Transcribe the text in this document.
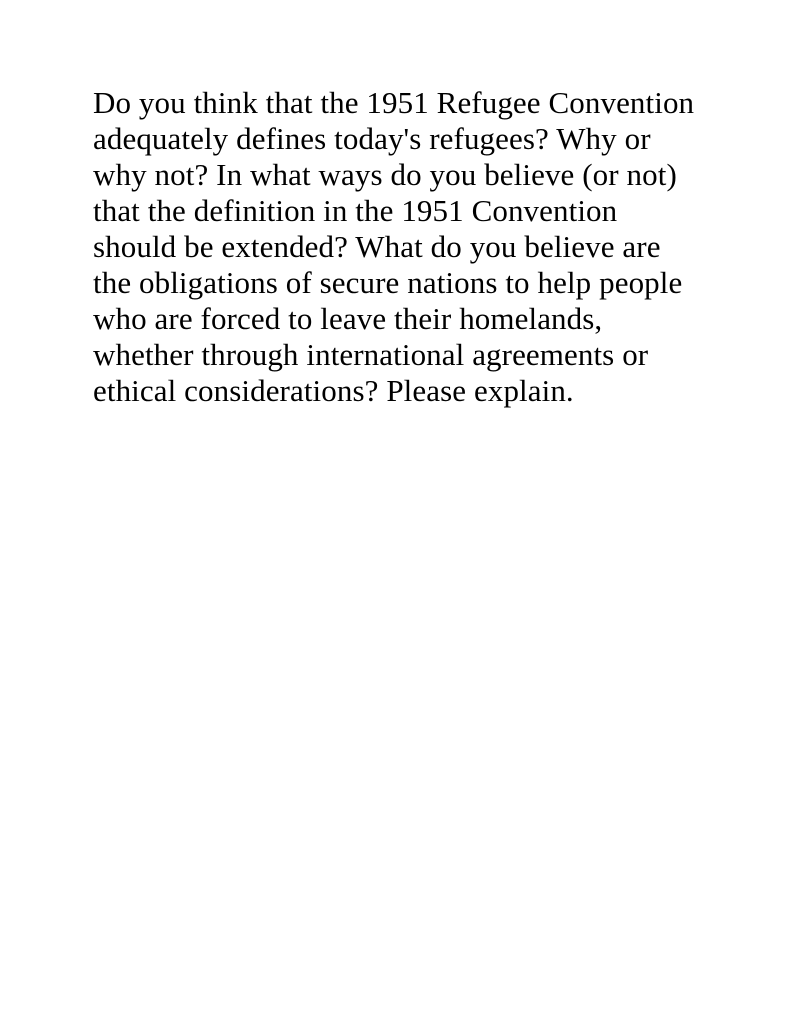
Do you think that the 1951 Refugee Convention
adequately defines today's refugees? Why or
why not? In what ways do you believe (or not)
that the definition in the 1951 Convention
should be extended? What do you believe are
the obligations of secure nations to help people
who are forced to leave their homelands,
whether through international agreements or
ethical considerations? Please explain.
